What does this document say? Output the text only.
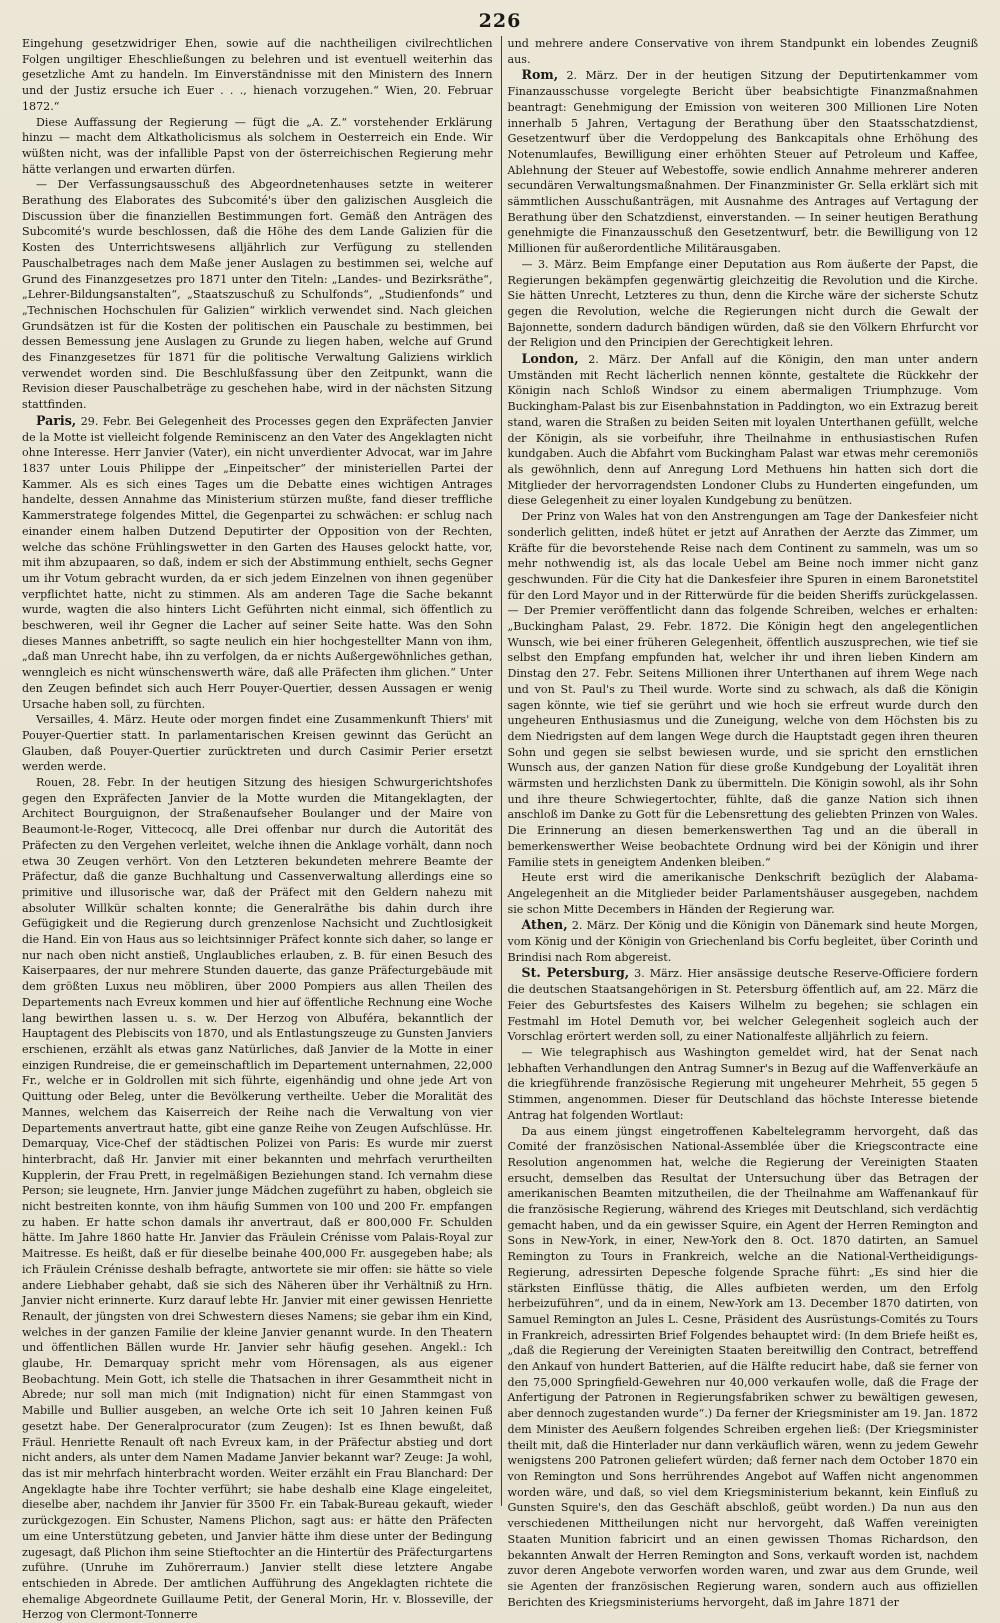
226

Eingehung gesetzwidriger Ehen, sowie auf die nachtheiligen civilrechtlichen Folgen ungiltiger Eheschließungen zu belehren und ist eventuell weiterhin das gesetzliche Amt zu handeln. Im Einverständnisse mit den Ministern des Innern und der Justiz ersuche ich Euer . . ., hienach vorzugehen.“ Wien, 20. Februar 1872.“

Diese Auffassung der Regierung — fügt die „A. Z.“ vorstehender Erklärung hinzu — macht dem Altkatholicismus als solchem in Oesterreich ein Ende. Wir wüßten nicht, was der infallible Papst von der österreichischen Regierung mehr hätte verlangen und erwarten dürfen.

— Der Verfassungsausschuß des Abgeordnetenhauses setzte in weiterer Berathung des Elaborates des Subcomité's über den galizischen Ausgleich die Discussion über die finanziellen Bestimmungen fort. Gemäß den Anträgen des Subcomité's wurde beschlossen, daß die Höhe des dem Lande Galizien für die Kosten des Unterrichtswesens alljährlich zur Verfügung zu stellenden Pauschalbetrages nach dem Maße jener Auslagen zu bestimmen sei, welche auf Grund des Finanzgesetzes pro 1871 unter den Titeln: „Landes- und Bezirksräthe“, „Lehrer-Bildungsanstalten“, „Staatszuschuß zu Schulfonds“, „Studienfonds“ und „Technischen Hochschulen für Galizien“ wirklich verwendet sind. Nach gleichen Grundsätzen ist für die Kosten der politischen ein Pauschale zu bestimmen, bei dessen Bemessung jene Auslagen zu Grunde zu liegen haben, welche auf Grund des Finanzgesetzes für 1871 für die politische Verwaltung Galiziens wirklich verwendet worden sind. Die Beschlußfassung über den Zeitpunkt, wann die Revision dieser Pauschalbeträge zu geschehen habe, wird in der nächsten Sitzung stattfinden.

Paris, 29. Febr. Bei Gelegenheit des Processes gegen den Expräfecten Janvier de la Motte ist vielleicht folgende Reminiscenz an den Vater des Angeklagten nicht ohne Interesse. Herr Janvier (Vater), ein nicht unverdienter Advocat, war im Jahre 1837 unter Louis Philippe der „Einpeitscher“ der ministeriellen Partei der Kammer. Als es sich eines Tages um die Debatte eines wichtigen Antrages handelte, dessen Annahme das Ministerium stürzen mußte, fand dieser treffliche Kammerstratege folgendes Mittel, die Gegenpartei zu schwächen: er schlug nach einander einem halben Dutzend Deputirter der Opposition von der Rechten, welche das schöne Frühlingswetter in den Garten des Hauses gelockt hatte, vor, mit ihm abzupaaren, so daß, indem er sich der Abstimmung enthielt, sechs Gegner um ihr Votum gebracht wurden, da er sich jedem Einzelnen von ihnen gegenüber verpflichtet hatte, nicht zu stimmen. Als am anderen Tage die Sache bekannt wurde, wagten die also hinters Licht Geführten nicht einmal, sich öffentlich zu beschweren, weil ihr Gegner die Lacher auf seiner Seite hatte. Was den Sohn dieses Mannes anbetrifft, so sagte neulich ein hier hochgestellter Mann von ihm, „daß man Unrecht habe, ihn zu verfolgen, da er nichts Außergewöhnliches gethan, wenngleich es nicht wünschenswerth wäre, daß alle Präfecten ihm glichen.“ Unter den Zeugen befindet sich auch Herr Pouyer-Quertier, dessen Aussagen er wenig Ursache haben soll, zu fürchten.

Versailles, 4. März. Heute oder morgen findet eine Zusammenkunft Thiers' mit Pouyer-Quertier statt. In parlamentarischen Kreisen gewinnt das Gerücht an Glauben, daß Pouyer-Quertier zurücktreten und durch Casimir Perier ersetzt werden werde.

Rouen, 28. Febr. In der heutigen Sitzung des hiesigen Schwurgerichtshofes gegen den Expräfecten Janvier de la Motte wurden die Mitangeklagten, der Architect Bourguignon, der Straßenaufseher Boulanger und der Maire von Beaumont-le-Roger, Vittecocq, alle Drei offenbar nur durch die Autorität des Präfecten zu den Vergehen verleitet, welche ihnen die Anklage vorhält, dann noch etwa 30 Zeugen verhört. Von den Letzteren bekundeten mehrere Beamte der Präfectur, daß die ganze Buchhaltung und Cassenverwaltung allerdings eine so primitive und illusorische war, daß der Präfect mit den Geldern nahezu mit absoluter Willkür schalten konnte; die Generalräthe bis dahin durch ihre Gefügigkeit und die Regierung durch grenzenlose Nachsicht und Zuchtlosigkeit die Hand. Ein von Haus aus so leichtsinniger Präfect konnte sich daher, so lange er nur nach oben nicht anstieß, Unglaubliches erlauben, z. B. für einen Besuch des Kaiserpaares, der nur mehrere Stunden dauerte, das ganze Präfecturgebäude mit dem größten Luxus neu möbliren, über 2000 Pompiers aus allen Theilen des Departements nach Evreux kommen und hier auf öffentliche Rechnung eine Woche lang bewirthen lassen u. s. w. Der Herzog von Albuféra, bekanntlich der Hauptagent des Plebiscits von 1870, und als Entlastungszeuge zu Gunsten Janviers erschienen, erzählt als etwas ganz Natürliches, daß Janvier de la Motte in einer einzigen Rundreise, die er gemeinschaftlich im Departement unternahmen, 22,000 Fr., welche er in Goldrollen mit sich führte, eigenhändig und ohne jede Art von Quittung oder Beleg, unter die Bevölkerung vertheilte. Ueber die Moralität des Mannes, welchem das Kaiserreich der Reihe nach die Verwaltung von vier Departements anvertraut hatte, gibt eine ganze Reihe von Zeugen Aufschlüsse. Hr. Demarquay, Vice-Chef der städtischen Polizei von Paris: Es wurde mir zuerst hinterbracht, daß Hr. Janvier mit einer bekannten und mehrfach verurtheilten Kupplerin, der Frau Prett, in regelmäßigen Beziehungen stand. Ich vernahm diese Person; sie leugnete, Hrn. Janvier junge Mädchen zugeführt zu haben, obgleich sie nicht bestreiten konnte, von ihm häufig Summen von 100 und 200 Fr. empfangen zu haben. Er hatte schon damals ihr anvertraut, daß er 800,000 Fr. Schulden hätte. Im Jahre 1860 hatte Hr. Janvier das Fräulein Crénisse vom Palais-Royal zur Maitresse. Es heißt, daß er für dieselbe beinahe 400,000 Fr. ausgegeben habe; als ich Fräulein Crénisse deshalb befragte, antwortete sie mir offen: sie hätte so viele andere Liebhaber gehabt, daß sie sich des Näheren über ihr Verhältniß zu Hrn. Janvier nicht erinnerte. Kurz darauf lebte Hr. Janvier mit einer gewissen Henriette Renault, der jüngsten von drei Schwestern dieses Namens; sie gebar ihm ein Kind, welches in der ganzen Familie der kleine Janvier genannt wurde. In den Theatern und öffentlichen Bällen wurde Hr. Janvier sehr häufig gesehen. Angekl.: Ich glaube, Hr. Demarquay spricht mehr vom Hörensagen, als aus eigener Beobachtung. Mein Gott, ich stelle die Thatsachen in ihrer Gesammtheit nicht in Abrede; nur soll man mich (mit Indignation) nicht für einen Stammgast von Mabille und Bullier ausgeben, an welche Orte ich seit 10 Jahren keinen Fuß gesetzt habe. Der Generalprocurator (zum Zeugen): Ist es Ihnen bewußt, daß Fräul. Henriette Renault oft nach Evreux kam, in der Präfectur abstieg und dort nicht anders, als unter dem Namen Madame Janvier bekannt war? Zeuge: Ja wohl, das ist mir mehrfach hinterbracht worden. Weiter erzählt ein Frau Blanchard: Der Angeklagte habe ihre Tochter verführt; sie habe deshalb eine Klage eingeleitet, dieselbe aber, nachdem ihr Janvier für 3500 Fr. ein Tabak-Bureau gekauft, wieder zurückgezogen. Ein Schuster, Namens Plichon, sagt aus: er hätte den Präfecten um eine Unterstützung gebeten, und Janvier hätte ihm diese unter der Bedingung zugesagt, daß Plichon ihm seine Stieftochter an die Hintertür des Präfecturgartens zuführe. (Unruhe im Zuhörerraum.) Janvier stellt diese letztere Angabe entschieden in Abrede. Der amtlichen Aufführung des Angeklagten richtete die ehemalige Abgeordnete Guillaume Petit, der General Morin, Hr. v. Blosseville, der Herzog von Clermont-Tonnerre

und mehrere andere Conservative von ihrem Standpunkt ein lobendes Zeugniß aus.

Rom, 2. März. Der in der heutigen Sitzung der Deputirtenkammer vom Finanzausschusse vorgelegte Bericht über beabsichtigte Finanzmaßnahmen beantragt: Genehmigung der Emission von weiteren 300 Millionen Lire Noten innerhalb 5 Jahren, Vertagung der Berathung über den Staatsschatzdienst, Gesetzentwurf über die Verdoppelung des Bankcapitals ohne Erhöhung des Notenumlaufes, Bewilligung einer erhöhten Steuer auf Petroleum und Kaffee, Ablehnung der Steuer auf Webestoffe, sowie endlich Annahme mehrerer anderen secundären Verwaltungsmaßnahmen. Der Finanzminister Gr. Sella erklärt sich mit sämmtlichen Ausschußanträgen, mit Ausnahme des Antrages auf Vertagung der Berathung über den Schatzdienst, einverstanden. — In seiner heutigen Berathung genehmigte die Finanzausschuß den Gesetzentwurf, betr. die Bewilligung von 12 Millionen für außerordentliche Militärausgaben.

— 3. März. Beim Empfange einer Deputation aus Rom äußerte der Papst, die Regierungen bekämpfen gegenwärtig gleichzeitig die Revolution und die Kirche. Sie hätten Unrecht, Letzteres zu thun, denn die Kirche wäre der sicherste Schutz gegen die Revolution, welche die Regierungen nicht durch die Gewalt der Bajonnette, sondern dadurch bändigen würden, daß sie den Völkern Ehrfurcht vor der Religion und den Principien der Gerechtigkeit lehren.

London, 2. März. Der Anfall auf die Königin, den man unter andern Umständen mit Recht lächerlich nennen könnte, gestaltete die Rückkehr der Königin nach Schloß Windsor zu einem abermaligen Triumphzuge. Vom Buckingham-Palast bis zur Eisenbahnstation in Paddington, wo ein Extrazug bereit stand, waren die Straßen zu beiden Seiten mit loyalen Unterthanen gefüllt, welche der Königin, als sie vorbeifuhr, ihre Theilnahme in enthusiastischen Rufen kundgaben. Auch die Abfahrt vom Buckingham Palast war etwas mehr ceremoniös als gewöhnlich, denn auf Anregung Lord Methuens hin hatten sich dort die Mitglieder der hervorragendsten Londoner Clubs zu Hunderten eingefunden, um diese Gelegenheit zu einer loyalen Kundgebung zu benützen.

Der Prinz von Wales hat von den Anstrengungen am Tage der Dankesfeier nicht sonderlich gelitten, indeß hütet er jetzt auf Anrathen der Aerzte das Zimmer, um Kräfte für die bevorstehende Reise nach dem Continent zu sammeln, was um so mehr nothwendig ist, als das locale Uebel am Beine noch immer nicht ganz geschwunden. Für die City hat die Dankesfeier ihre Spuren in einem Baronetstitel für den Lord Mayor und in der Ritterwürde für die beiden Sheriffs zurückgelassen. — Der Premier veröffentlicht dann das folgende Schreiben, welches er erhalten: „Buckingham Palast, 29. Febr. 1872. Die Königin hegt den angelegentlichen Wunsch, wie bei einer früheren Gelegenheit, öffentlich auszusprechen, wie tief sie selbst den Empfang empfunden hat, welcher ihr und ihren lieben Kindern am Dinstag den 27. Febr. Seitens Millionen ihrer Unterthanen auf ihrem Wege nach und von St. Paul's zu Theil wurde. Worte sind zu schwach, als daß die Königin sagen könnte, wie tief sie gerührt und wie hoch sie erfreut wurde durch den ungeheuren Enthusiasmus und die Zuneigung, welche von dem Höchsten bis zu dem Niedrigsten auf dem langen Wege durch die Hauptstadt gegen ihren theuren Sohn und gegen sie selbst bewiesen wurde, und sie spricht den ernstlichen Wunsch aus, der ganzen Nation für diese große Kundgebung der Loyalität ihren wärmsten und herzlichsten Dank zu übermitteln. Die Königin sowohl, als ihr Sohn und ihre theure Schwiegertochter, fühlte, daß die ganze Nation sich ihnen anschloß im Danke zu Gott für die Lebensrettung des geliebten Prinzen von Wales. Die Erinnerung an diesen bemerkenswerthen Tag und an die überall in bemerkenswerther Weise beobachtete Ordnung wird bei der Königin und ihrer Familie stets in geneigtem Andenken bleiben.“

Heute erst wird die amerikanische Denkschrift bezüglich der Alabama-Angelegenheit an die Mitglieder beider Parlamentshäuser ausgegeben, nachdem sie schon Mitte Decembers in Händen der Regierung war.

Athen, 2. März. Der König und die Königin von Dänemark sind heute Morgen, vom König und der Königin von Griechenland bis Corfu begleitet, über Corinth und Brindisi nach Rom abgereist.

St. Petersburg, 3. März. Hier ansässige deutsche Reserve-Officiere fordern die deutschen Staatsangehörigen in St. Petersburg öffentlich auf, am 22. März die Feier des Geburtsfestes des Kaisers Wilhelm zu begehen; sie schlagen ein Festmahl im Hotel Demuth vor, bei welcher Gelegenheit sogleich auch der Vorschlag erörtert werden soll, zu einer Nationalfeste alljährlich zu feiern.

— Wie telegraphisch aus Washington gemeldet wird, hat der Senat nach lebhaften Verhandlungen den Antrag Sumner's in Bezug auf die Waffenverkäufe an die kriegführende französische Regierung mit ungeheurer Mehrheit, 55 gegen 5 Stimmen, angenommen. Dieser für Deutschland das höchste Interesse bietende Antrag hat folgenden Wortlaut:

Da aus einem jüngst eingetroffenen Kabeltelegramm hervorgeht, daß das Comité der französischen National-Assemblée über die Kriegscontracte eine Resolution angenommen hat, welche die Regierung der Vereinigten Staaten ersucht, demselben das Resultat der Untersuchung über das Betragen der amerikanischen Beamten mitzutheilen, die der Theilnahme am Waffenankauf für die französische Regierung, während des Krieges mit Deutschland, sich verdächtig gemacht haben, und da ein gewisser Squire, ein Agent der Herren Remington and Sons in New-York, in einer, New-York den 8. Oct. 1870 datirten, an Samuel Remington zu Tours in Frankreich, welche an die National-Vertheidigungs-Regierung, adressirten Depesche folgende Sprache führt: „Es sind hier die stärksten Einflüsse thätig, die Alles aufbieten werden, um den Erfolg herbeizuführen“, und da in einem, New-York am 13. December 1870 datirten, von Samuel Remington an Jules L. Cesne, Präsident des Ausrüstungs-Comités zu Tours in Frankreich, adressirten Brief Folgendes behauptet wird: (In dem Briefe heißt es, „daß die Regierung der Vereinigten Staaten bereitwillig den Contract, betreffend den Ankauf von hundert Batterien, auf die Hälfte reducirt habe, daß sie ferner von den 75,000 Springfield-Gewehren nur 40,000 verkaufen wolle, daß die Frage der Anfertigung der Patronen in Regierungsfabriken schwer zu bewältigen gewesen, aber dennoch zugestanden wurde“.) Da ferner der Kriegsminister am 19. Jan. 1872 dem Minister des Aeußern folgendes Schreiben ergehen ließ: (Der Kriegsminister theilt mit, daß die Hinterlader nur dann verkäuflich wären, wenn zu jedem Gewehr wenigstens 200 Patronen geliefert würden; daß ferner nach dem October 1870 ein von Remington und Sons herrührendes Angebot auf Waffen nicht angenommen worden wäre, und daß, so viel dem Kriegsministerium bekannt, kein Einfluß zu Gunsten Squire's, den das Geschäft abschloß, geübt worden.) Da nun aus den verschiedenen Mittheilungen nicht nur hervorgeht, daß Waffen vereinigten Staaten Munition fabricirt und an einen gewissen Thomas Richardson, den bekannten Anwalt der Herren Remington and Sons, verkauft worden ist, nachdem zuvor deren Angebote verworfen worden waren, und zwar aus dem Grunde, weil sie Agenten der französischen Regierung waren, sondern auch aus offiziellen Berichten des Kriegsministeriums hervorgeht, daß im Jahre 1871 der
